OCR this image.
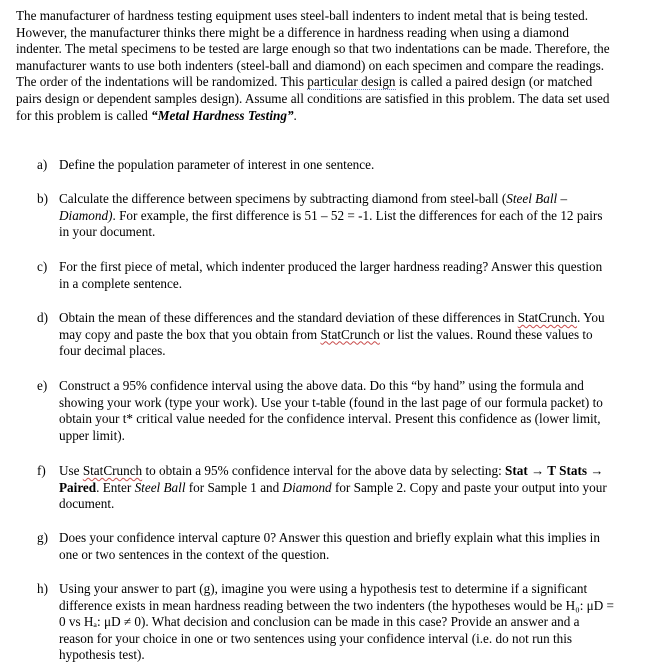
The manufacturer of hardness testing equipment uses steel-ball indenters to indent metal that is being tested. However, the manufacturer thinks there might be a difference in hardness reading when using a diamond indenter. The metal specimens to be tested are large enough so that two indentations can be made. Therefore, the manufacturer wants to use both indenters (steel-ball and diamond) on each specimen and compare the readings. The order of the indentations will be randomized. This particular design is called a paired design (or matched pairs design or dependent samples design). Assume all conditions are satisfied in this problem. The data set used for this problem is called “Metal Hardness Testing”.
a) Define the population parameter of interest in one sentence.
b) Calculate the difference between specimens by subtracting diamond from steel-ball (Steel Ball – Diamond). For example, the first difference is 51 – 52 = -1. List the differences for each of the 12 pairs in your document.
c) For the first piece of metal, which indenter produced the larger hardness reading? Answer this question in a complete sentence.
d) Obtain the mean of these differences and the standard deviation of these differences in StatCrunch. You may copy and paste the box that you obtain from StatCrunch or list the values. Round these values to four decimal places.
e) Construct a 95% confidence interval using the above data. Do this “by hand” using the formula and showing your work (type your work). Use your t-table (found in the last page of our formula packet) to obtain your t* critical value needed for the confidence interval. Present this confidence as (lower limit, upper limit).
f)	Use StatCrunch to obtain a 95% confidence interval for the above data by selecting: Stat → T Stats → Paired. Enter Steel Ball for Sample 1 and Diamond for Sample 2. Copy and paste your output into your document.
g) Does your confidence interval capture 0? Answer this question and briefly explain what this implies in one or two sentences in the context of the question.
h) Using your answer to part (g), imagine you were using a hypothesis test to determine if a significant difference exists in mean hardness reading between the two indenters (the hypotheses would be H₀: μD = 0 vs Hₐ: μD ≠ 0). What decision and conclusion can be made in this case? Provide an answer and a reason for your choice in one or two sentences using your confidence interval (i.e. do not run this hypothesis test).
